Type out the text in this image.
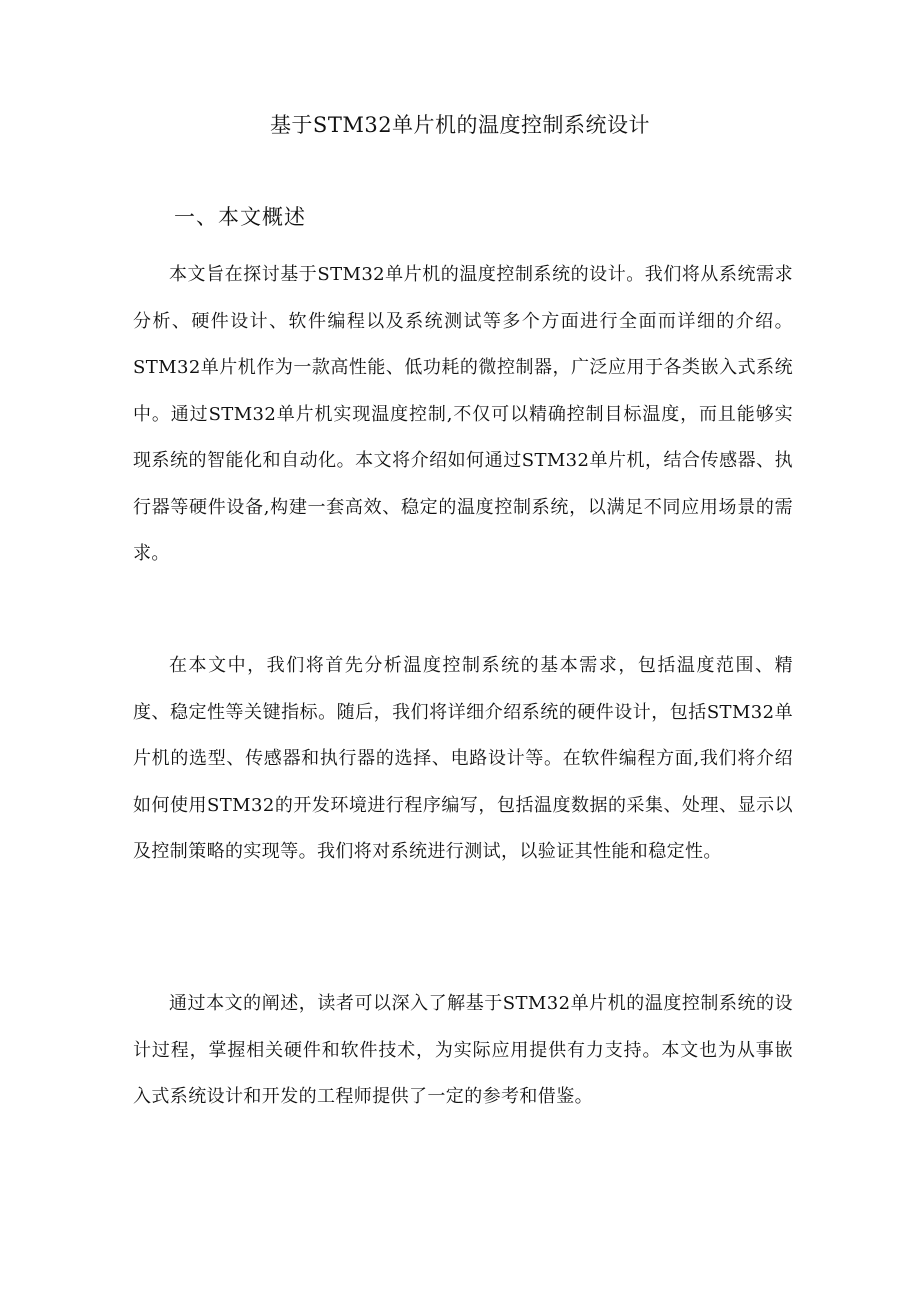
基于STM32单片机的温度控制系统设计
一、本文概述

本文旨在探讨基于STM32单片机的温度控制系统的设计。我们将从系统需求分析、硬件设计、软件编程以及系统测试等多个方面进行全面而详细的介绍。STM32单片机作为一款高性能、低功耗的微控制器，广泛应用于各类嵌入式系统中。通过STM32单片机实现温度控制,不仅可以精确控制目标温度，而且能够实现系统的智能化和自动化。本文将介绍如何通过STM32单片机，结合传感器、执行器等硬件设备,构建一套高效、稳定的温度控制系统，以满足不同应用场景的需求。

在本文中，我们将首先分析温度控制系统的基本需求，包括温度范围、精度、稳定性等关键指标。随后，我们将详细介绍系统的硬件设计，包括STM32单片机的选型、传感器和执行器的选择、电路设计等。在软件编程方面,我们将介绍如何使用STM32的开发环境进行程序编写，包括温度数据的采集、处理、显示以及控制策略的实现等。我们将对系统进行测试，以验证其性能和稳定性。

通过本文的阐述，读者可以深入了解基于STM32单片机的温度控制系统的设计过程，掌握相关硬件和软件技术，为实际应用提供有力支持。本文也为从事嵌入式系统设计和开发的工程师提供了一定的参考和借鉴。
